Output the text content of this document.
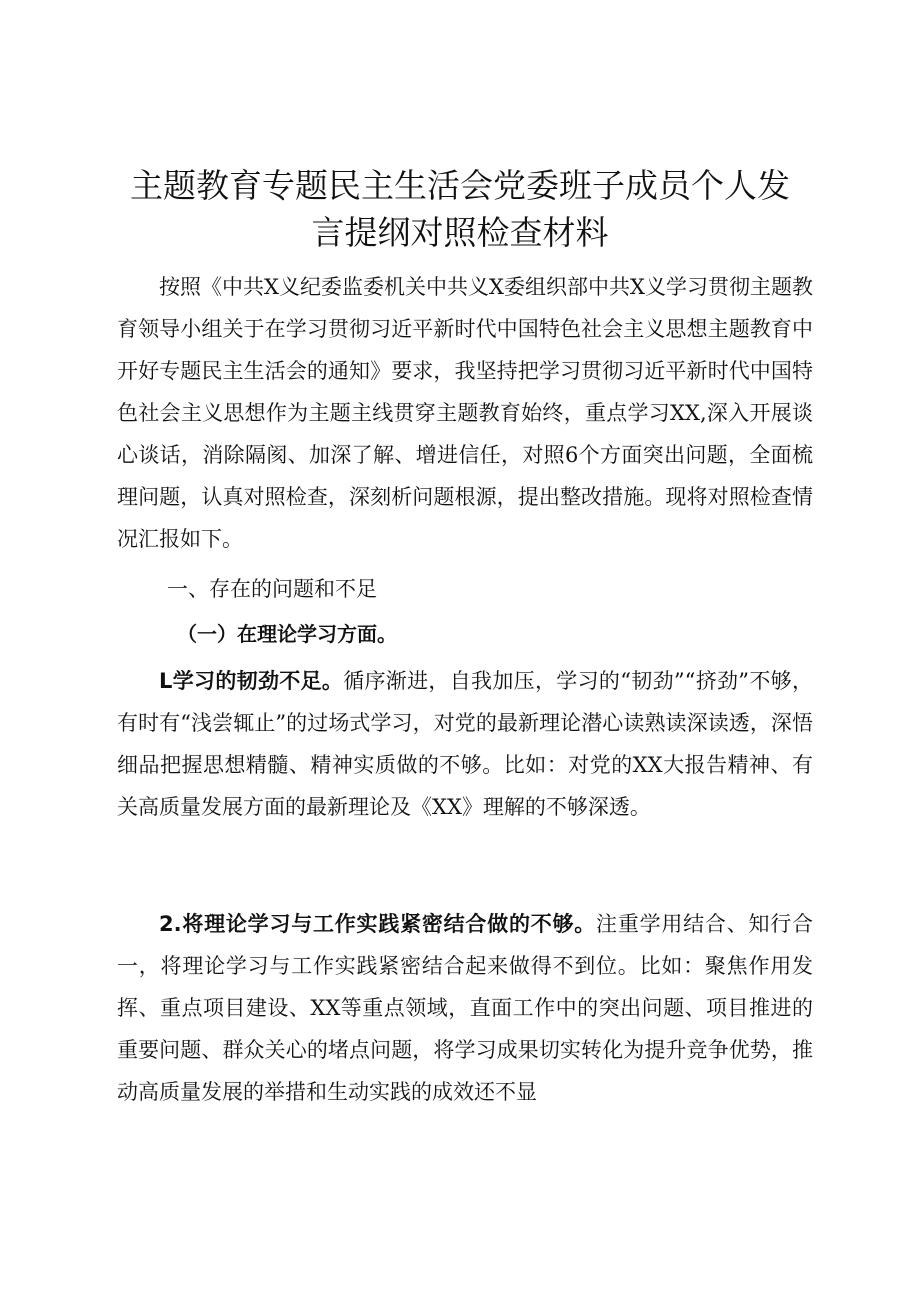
主题教育专题民主生活会党委班子成员个人发
言提纲对照检查材料

按照《中共X义纪委监委机关中共义X委组织部中共X义学习贯彻主题教育领导小组关于在学习贯彻习近平新时代中国特色社会主义思想主题教育中开好专题民主生活会的通知》要求，我坚持把学习贯彻习近平新时代中国特色社会主义思想作为主题主线贯穿主题教育始终，重点学习XX,深入开展谈心谈话，消除隔阂、加深了解、增进信任，对照6个方面突出问题，全面梳理问题，认真对照检查，深刻析问题根源，提出整改措施。现将对照检查情况汇报如下。

一、存在的问题和不足
（一）在理论学习方面。

L学习的韧劲不足。循序渐进，自我加压，学习的“韧劲”“挤劲”不够，有时有“浅尝辄止”的过场式学习，对党的最新理论潜心读熟读深读透，深悟细品把握思想精髓、精神实质做的不够。比如：对党的XX大报告精神、有关高质量发展方面的最新理论及《XX》理解的不够深透。

2.将理论学习与工作实践紧密结合做的不够。注重学用结合、知行合一，将理论学习与工作实践紧密结合起来做得不到位。比如：聚焦作用发挥、重点项目建设、XX等重点领域，直面工作中的突出问题、项目推进的重要问题、群众关心的堵点问题，将学习成果切实转化为提升竞争优势，推动高质量发展的举措和生动实践的成效还不显
